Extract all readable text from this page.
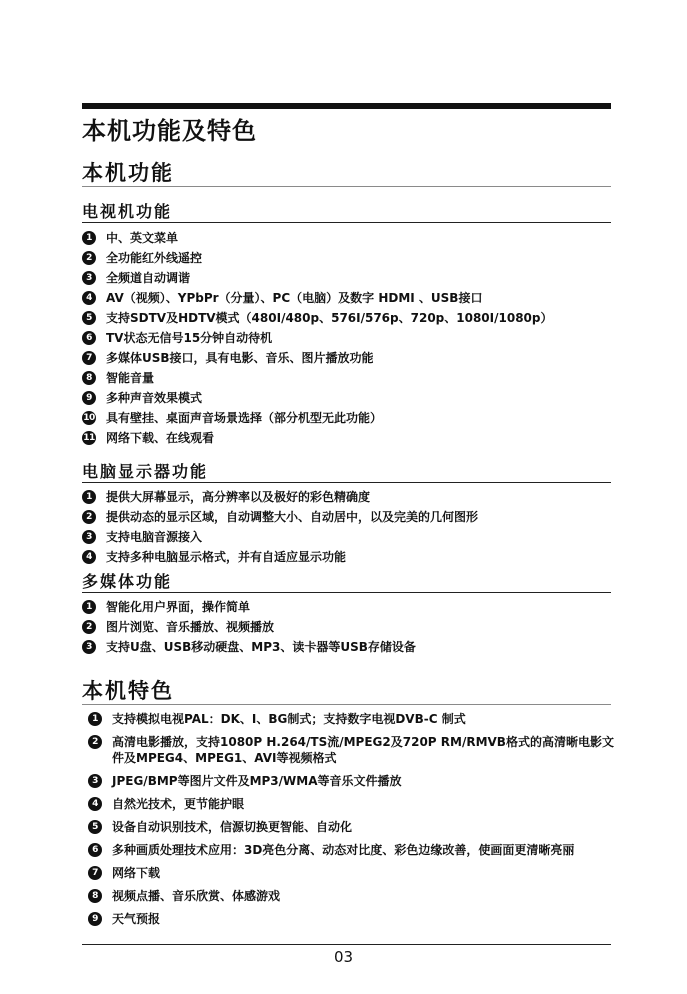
本机功能及特色
本机功能
电视机功能
1	中、英文菜单
2	全功能红外线遥控
3	全频道自动调谐
4	AV（视频）、YPbPr（分量）、PC（电脑）及数字 HDMI 、USB接口
5	支持SDTV及HDTV模式（480I/480p、576I/576p、720p、1080I/1080p）
6	TV状态无信号15分钟自动待机
7	多媒体USB接口，具有电影、音乐、图片播放功能
8	智能音量
9	多种声音效果模式
10 具有壁挂、桌面声音场景选择（部分机型无此功能）
11 网络下载、在线观看
电脑显示器功能
1	提供大屏幕显示，高分辨率以及极好的彩色精确度
2	提供动态的显示区域，自动调整大小、自动居中，以及完美的几何图形
3	支持电脑音源接入
4	支持多种电脑显示格式，并有自适应显示功能
多媒体功能
1	智能化用户界面，操作简单
2	图片浏览、音乐播放、视频播放
3	支持U盘、USB移动硬盘、MP3、读卡器等USB存储设备
本机特色
1	支持模拟电视PAL：DK、I、BG制式；支持数字电视DVB-C 制式
2	高清电影播放，支持1080P H.264/TS流/MPEG2及720P RM/RMVB格式的高清晰电影文件及MPEG4、MPEG1、AVI等视频格式
3	JPEG/BMP等图片文件及MP3/WMA等音乐文件播放
4	自然光技术，更节能护眼
5	设备自动识别技术，信源切换更智能、自动化
6	多种画质处理技术应用：3D亮色分离、动态对比度、彩色边缘改善，使画面更清晰亮丽
7	网络下载
8	视频点播、音乐欣赏、体感游戏
9	天气预报
03
